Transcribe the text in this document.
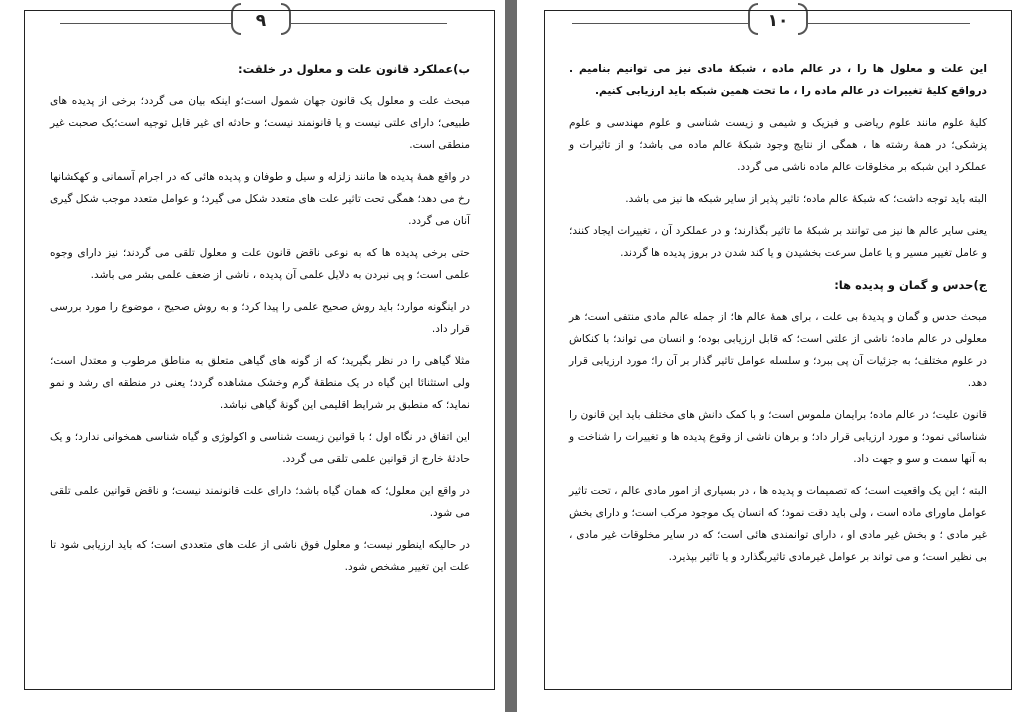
۹
ب)عملکرد قانون علت و معلول در خلقت:

مبحث علت و معلول یک قانون جهان شمول است؛و اینکه بیان می گردد؛ برخی از پدیده های طبیعی؛ دارای علتی نیست و یا قانونمند نیست؛ و حادثه ای غیر قابل توجیه است؛یک صحبت غیر منطقی است.

در واقع همهٔ پدیده ها مانند زلزله و سیل و طوفان و پدیده هائی که در اجرام آسمانی و کهکشانها رخ می دهد؛ همگی تحت تاثیر علت های متعدد شکل می گیرد؛ و عوامل متعدد موجب شکل گیری آنان می گردد.

حتی برخی پدیده ها که به نوعی ناقض قانون علت و معلول تلقی می گردند؛ نیز دارای وجوه علمی است؛ و پی نبردن به دلایل علمی آن پدیده ، ناشی از ضعف علمی بشر می باشد.

در اینگونه موارد؛ باید روش صحیح علمی را پیدا کرد؛ و به روش صحیح ، موضوع را مورد بررسی قرار داد.

مثلا گیاهی را در نظر بگیرید؛ که از گونه های گیاهی متعلق به مناطق مرطوب و معتدل است؛ ولی استثنائا این گیاه در یک منطقهٔ گرم وخشک مشاهده گردد؛ یعنی در منطقه ای رشد و نمو نماید؛ که منطبق بر شرایط اقلیمی این گونهٔ گیاهی نباشد.

این اتفاق در نگاه اول ؛ با قوانین زیست شناسی و اکولوژی و گیاه شناسی همخوانی ندارد؛ و یک حادثهٔ خارج از قوانین علمی تلقی می گردد.

در واقع این معلول؛ که همان گیاه باشد؛ دارای علت قانونمند نیست؛ و ناقض قوانین علمی تلقی می شود.

در حالیکه اینطور نیست؛ و معلول فوق ناشی از علت های متعددی است؛ که باید ارزیابی شود تا علت این تغییر مشخص شود.

۱۰

این علت و معلول ها را ، در عالم ماده ، شبکهٔ مادی نیز می توانیم بنامیم . درواقع کلیهٔ تغییرات در عالم ماده را ، ما تحت همین شبکه باید ارزیابی کنیم.

کلیهٔ علوم مانند علوم ریاضی و فیزیک و شیمی و زیست شناسی و علوم مهندسی و علوم پزشکی؛ در همهٔ رشته ها ، همگی از نتایج وجود شبکهٔ عالم ماده می باشد؛ و از تاثیرات و عملکرد این شبکه بر مخلوقات عالم ماده ناشی می گردد.

البته باید توجه داشت؛ که شبکهٔ عالم ماده؛ تاثیر پذیر از سایر شبکه ها نیز می باشد.

یعنی سایر عالم ها نیز می توانند بر شبکهٔ ما تاثیر بگذارند؛ و در عملکرد آن ، تغییرات ایجاد کنند؛ و عامل تغییر مسیر و یا عامل سرعت بخشیدن و یا کند شدن در بروز پدیده ها گردند.

ج)حدس و گمان و پدیده ها:

مبحث حدس و گمان و پدیدهٔ بی علت ، برای همهٔ عالم ها؛ از جمله عالم مادی منتفی است؛ هر معلولی در عالم ماده؛ ناشی از علتی است؛ که قابل ارزیابی بوده؛ و انسان می تواند؛ با کنکاش در علوم مختلف؛ به جزئیات آن پی ببرد؛ و سلسله عوامل تاثیر گذار بر آن را؛ مورد ارزیابی قرار دهد.

قانون علیت؛ در عالم ماده؛ برایمان ملموس است؛ و با کمک دانش های مختلف باید این قانون را شناسائی نمود؛ و مورد ارزیابی قرار داد؛ و برهان ناشی از وقوع پدیده ها و تغییرات را شناخت و به آنها سمت و سو و جهت داد.

البته ؛ این یک واقعیت است؛ که تصمیمات و پدیده ها ، در بسیاری از امور مادی عالم ، تحت تاثیر عوامل ماورای ماده است ، ولی باید دقت نمود؛ که انسان یک موجود مرکب است؛ و دارای بخش غیر مادی ؛ و بخش غیر مادی او ، دارای توانمندی هائی است؛ که در سایر مخلوقات غیر مادی ، بی نظیر است؛ و می تواند بر عوامل غیرمادی تاثیربگذارد و یا تاثیر بپذیرد.
